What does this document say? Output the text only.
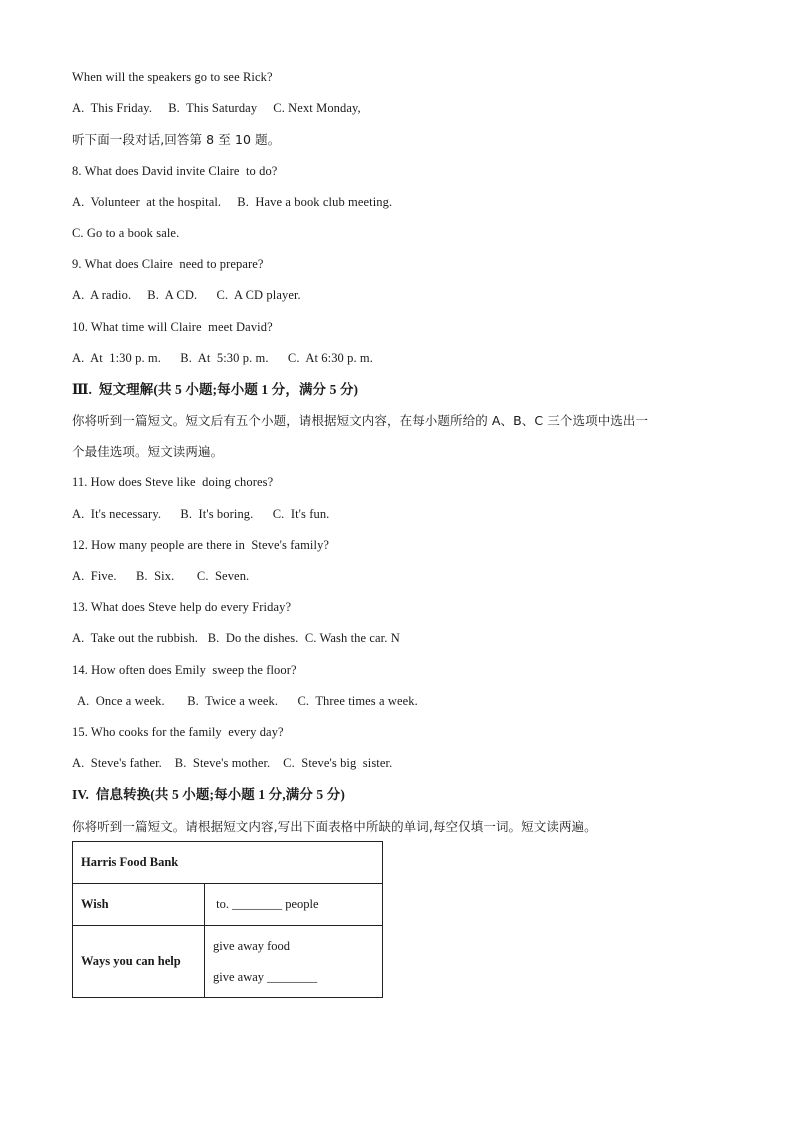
When will the speakers go to see Rick?
A.  This Friday.     B.  This Saturday     C. Next Monday,
听下面一段对话,回答第 8 至 10 题。
8. What does David invite Claire  to do?
A.  Volunteer  at the hospital.     B.  Have a book club meeting.
C. Go to a book sale.
9. What does Claire  need to prepare?
A.  A radio.     B.  A CD.      C.  A CD player.
10. What time will Claire  meet David?
A.  At  1:30 p. m.      B.  At  5:30 p. m.      C.  At 6:30 p. m.
Ⅲ.  短文理解(共 5 小题;每小题 1 分，满分 5 分)
你将听到一篇短文。短文后有五个小题，请根据短文内容，在每小题所给的 A、B、C 三个选项中选出一
个最佳选项。短文读两遍。
11. How does Steve like  doing chores?
A.  It's necessary.      B.  It's boring.      C.  It's fun.
12. How many people are there in  Steve's family?
A.  Five.      B.  Six.       C.  Seven.
13. What does Steve help do every Friday?
A.  Take out the rubbish.   B.  Do the dishes.  C. Wash the car. N
14. How often does Emily  sweep the floor?
A.  Once a week.       B.  Twice a week.      C.  Three times a week.
15. Who cooks for the family  every day?
A.  Steve's father.    B.  Steve's mother.    C.  Steve's big  sister.
IV.  信息转换(共 5 小题;每小题 1 分,满分 5 分)
你将听到一篇短文。请根据短文内容,写出下面表格中所缺的单词,每空仅填一词。短文读两遍。
Harris Food Bank	
Wish	to. ________ people
Ways you can help	give away food
give away ________
